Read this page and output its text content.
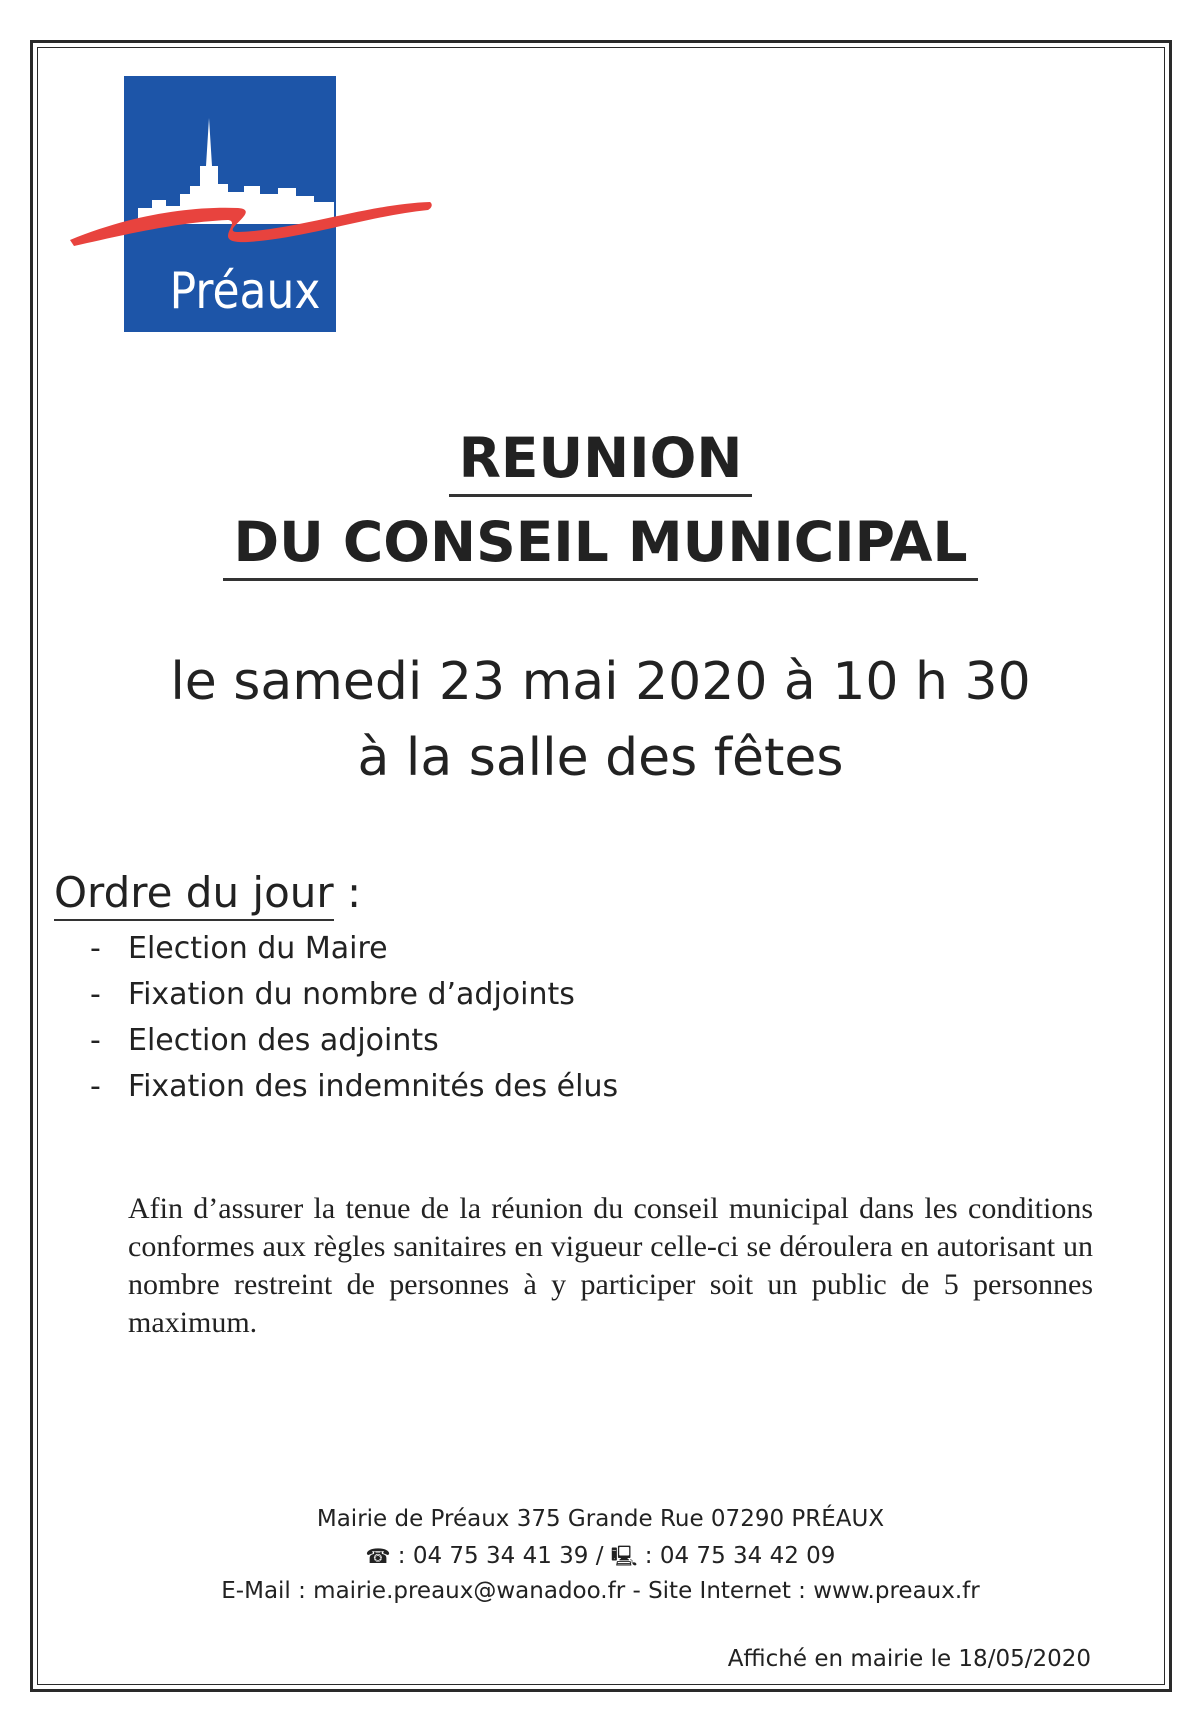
Préaux
REUNION
DU CONSEIL MUNICIPAL
le samedi 23 mai 2020 à 10 h 30
à la salle des fêtes
Ordre du jour :
- Election du Maire
- Fixation du nombre d’adjoints
- Election des adjoints
- Fixation des indemnités des élus
Afin d’assurer la tenue de la réunion du conseil municipal dans les conditions conformes aux règles sanitaires en vigueur celle-ci se déroulera en autorisant un nombre restreint de personnes à y participer soit un public de 5 personnes maximum.
Mairie de Préaux 375 Grande Rue 07290 PRÉAUX
☎ : 04 75 34 41 39 / 🖳 : 04 75 34 42 09
E-Mail : mairie.preaux@wanadoo.fr - Site Internet : www.preaux.fr
Affiché en mairie le 18/05/2020
